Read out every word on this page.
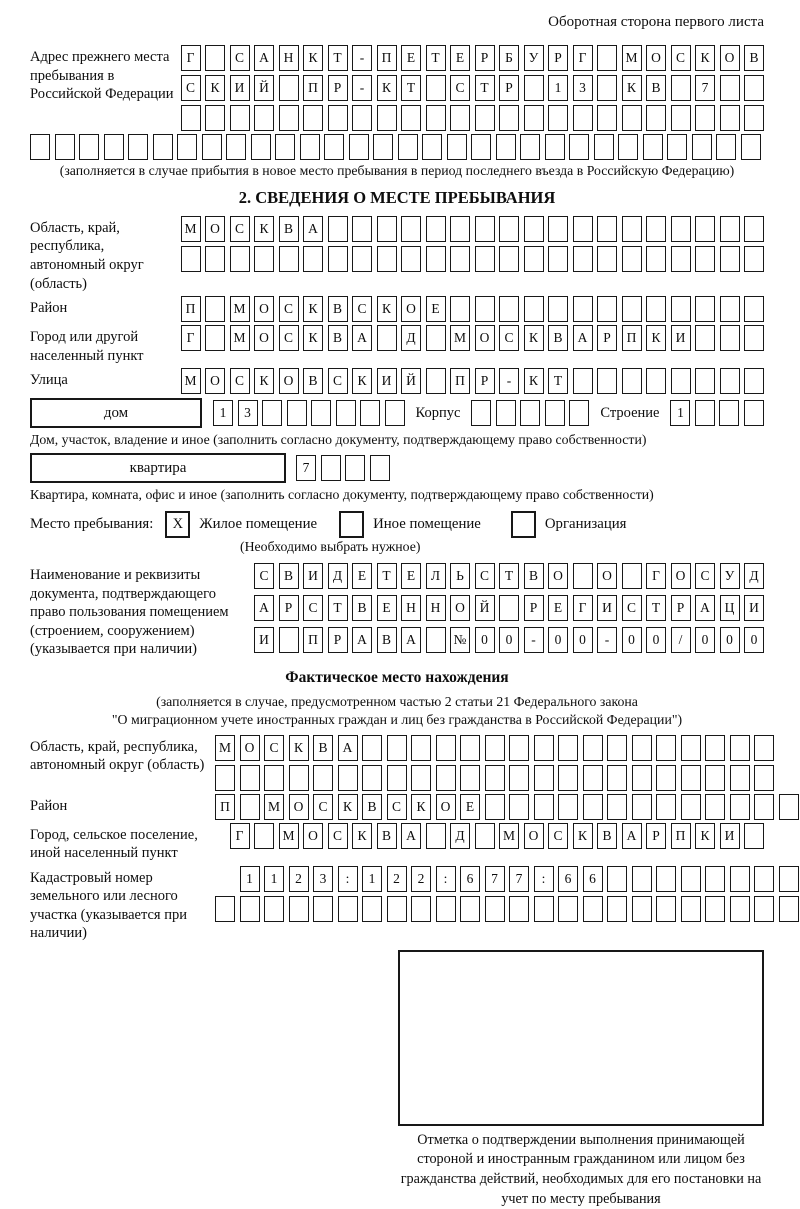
Оборотная сторона первого листа
Адрес прежнего места пребывания в Российской Федерации
Г	С	А	Н	К	Т	-	П	Е	Т	Е	Р	Б	У	Р	Г	М	О	С	К	О	В
С	К	И	Й	П	Р	-	К	Т	С	Т	Р	1	3	К	В	7
(заполняется в случае прибытия в новое место пребывания в период последнего въезда в Российскую Федерацию)
2. СВЕДЕНИЯ О МЕСТЕ ПРЕБЫВАНИЯ
Область, край, республика, автономный округ (область)
М	О	С	К	В	А
Район	П	М	О	С	К	В	С	К	О	Е
Город или другой населенный пункт
Г	М	О	С	К	В	А	Д	М	О	С	К	В	А	Р	П	К	И
Улица	М	О	С	К	О	В	С	К	И	Й	П	Р	-	К	Т
дом	1	3	Корпус	Строение	1
Дом, участок, владение и иное (заполнить согласно документу, подтверждающему право собственности)
квартира	7
Квартира, комната, офис и иное (заполнить согласно документу, подтверждающему право собственности)
Место пребывания:	X	Жилое помещение	Иное помещение	Организация
(Необходимо выбрать нужное)
Наименование и реквизиты документа, подтверждающего право пользования помещением (строением, сооружением) (указывается при наличии)
С	В	И	Д	Е	Т	Е	Л	Ь	С	Т	В	О	О	Г	О	С	У	Д
А	Р	С	Т	В	Е	Н	Н	О	Й	Р	Е	Г	И	С	Т	Р	А	Ц	И
И	П	Р	А	В	А	№	0	0	-	0	0	-	0	0	/	0	0	0
Фактическое место нахождения
(заполняется в случае, предусмотренном частью 2 статьи 21 Федерального закона
"О миграционном учете иностранных граждан и лиц без гражданства в Российской Федерации")
Область, край, республика, автономный округ (область)
М	О	С	К	В	А
Район	П	М	О	С	К	В	С	К	О	Е
Город, сельское поселение, иной населенный пункт
Г	М	О	С	К	В	А	Д	М	О	С	К	В	А	Р	П	К	И
Кадастровый номер земельного или лесного участка (указывается при наличии)
1	1	2	3	:	1	2	2	:	6	7	7	:	6	6
Отметка о подтверждении выполнения принимающей стороной и иностранным гражданином или лицом без гражданства действий, необходимых для его постановки на учет по месту пребывания
